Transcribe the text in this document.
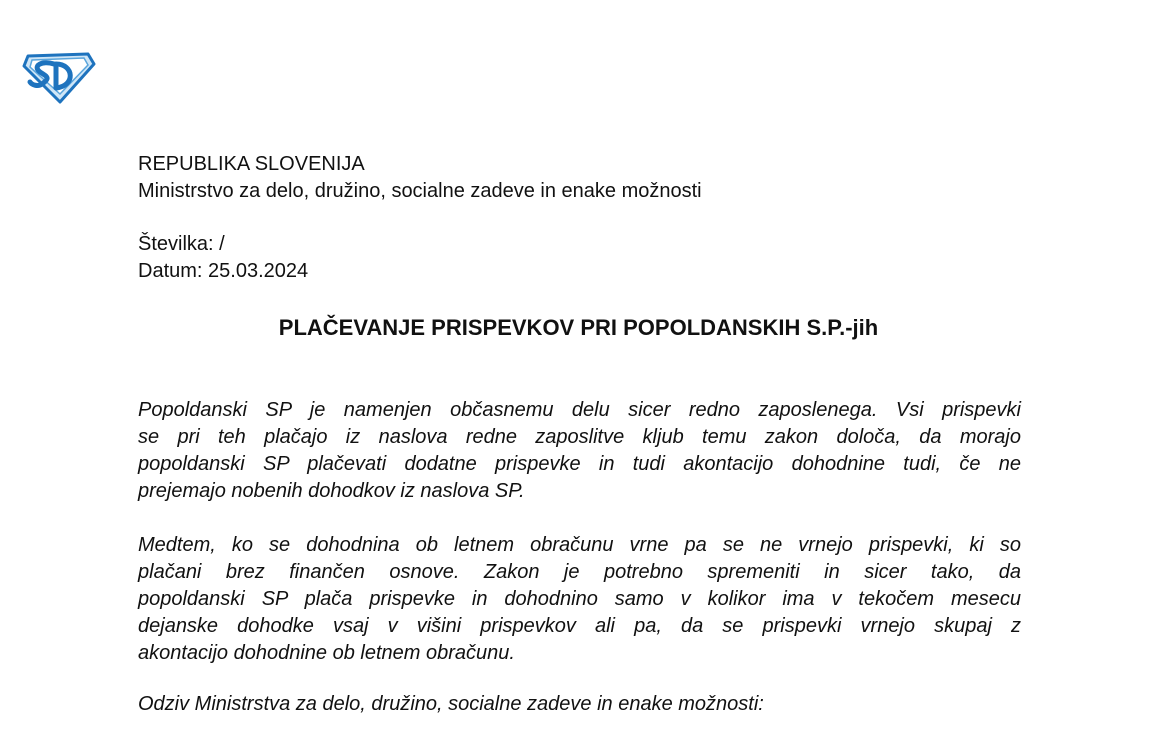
REPUBLIKA SLOVENIJA
Ministrstvo za delo, družino, socialne zadeve in enake možnosti
Številka: /
Datum: 25.03.2024
PLAČEVANJE PRISPEVKOV PRI POPOLDANSKIH S.P.-jih
Popoldanski SP je namenjen občasnemu delu sicer redno zaposlenega. Vsi prispevki
se pri teh plačajo iz naslova redne zaposlitve kljub temu zakon določa, da morajo
popoldanski SP plačevati dodatne prispevke in tudi akontacijo dohodnine tudi, če ne
prejemajo nobenih dohodkov iz naslova SP.
Medtem, ko se dohodnina ob letnem obračunu vrne pa se ne vrnejo prispevki, ki so
plačani brez finančen osnove. Zakon je potrebno spremeniti in sicer tako, da
popoldanski SP plača prispevke in dohodnino samo v kolikor ima v tekočem mesecu
dejanske dohodke vsaj v višini prispevkov ali pa, da se prispevki vrnejo skupaj z
akontacijo dohodnine ob letnem obračunu.
Odziv Ministrstva za delo, družino, socialne zadeve in enake možnosti:
